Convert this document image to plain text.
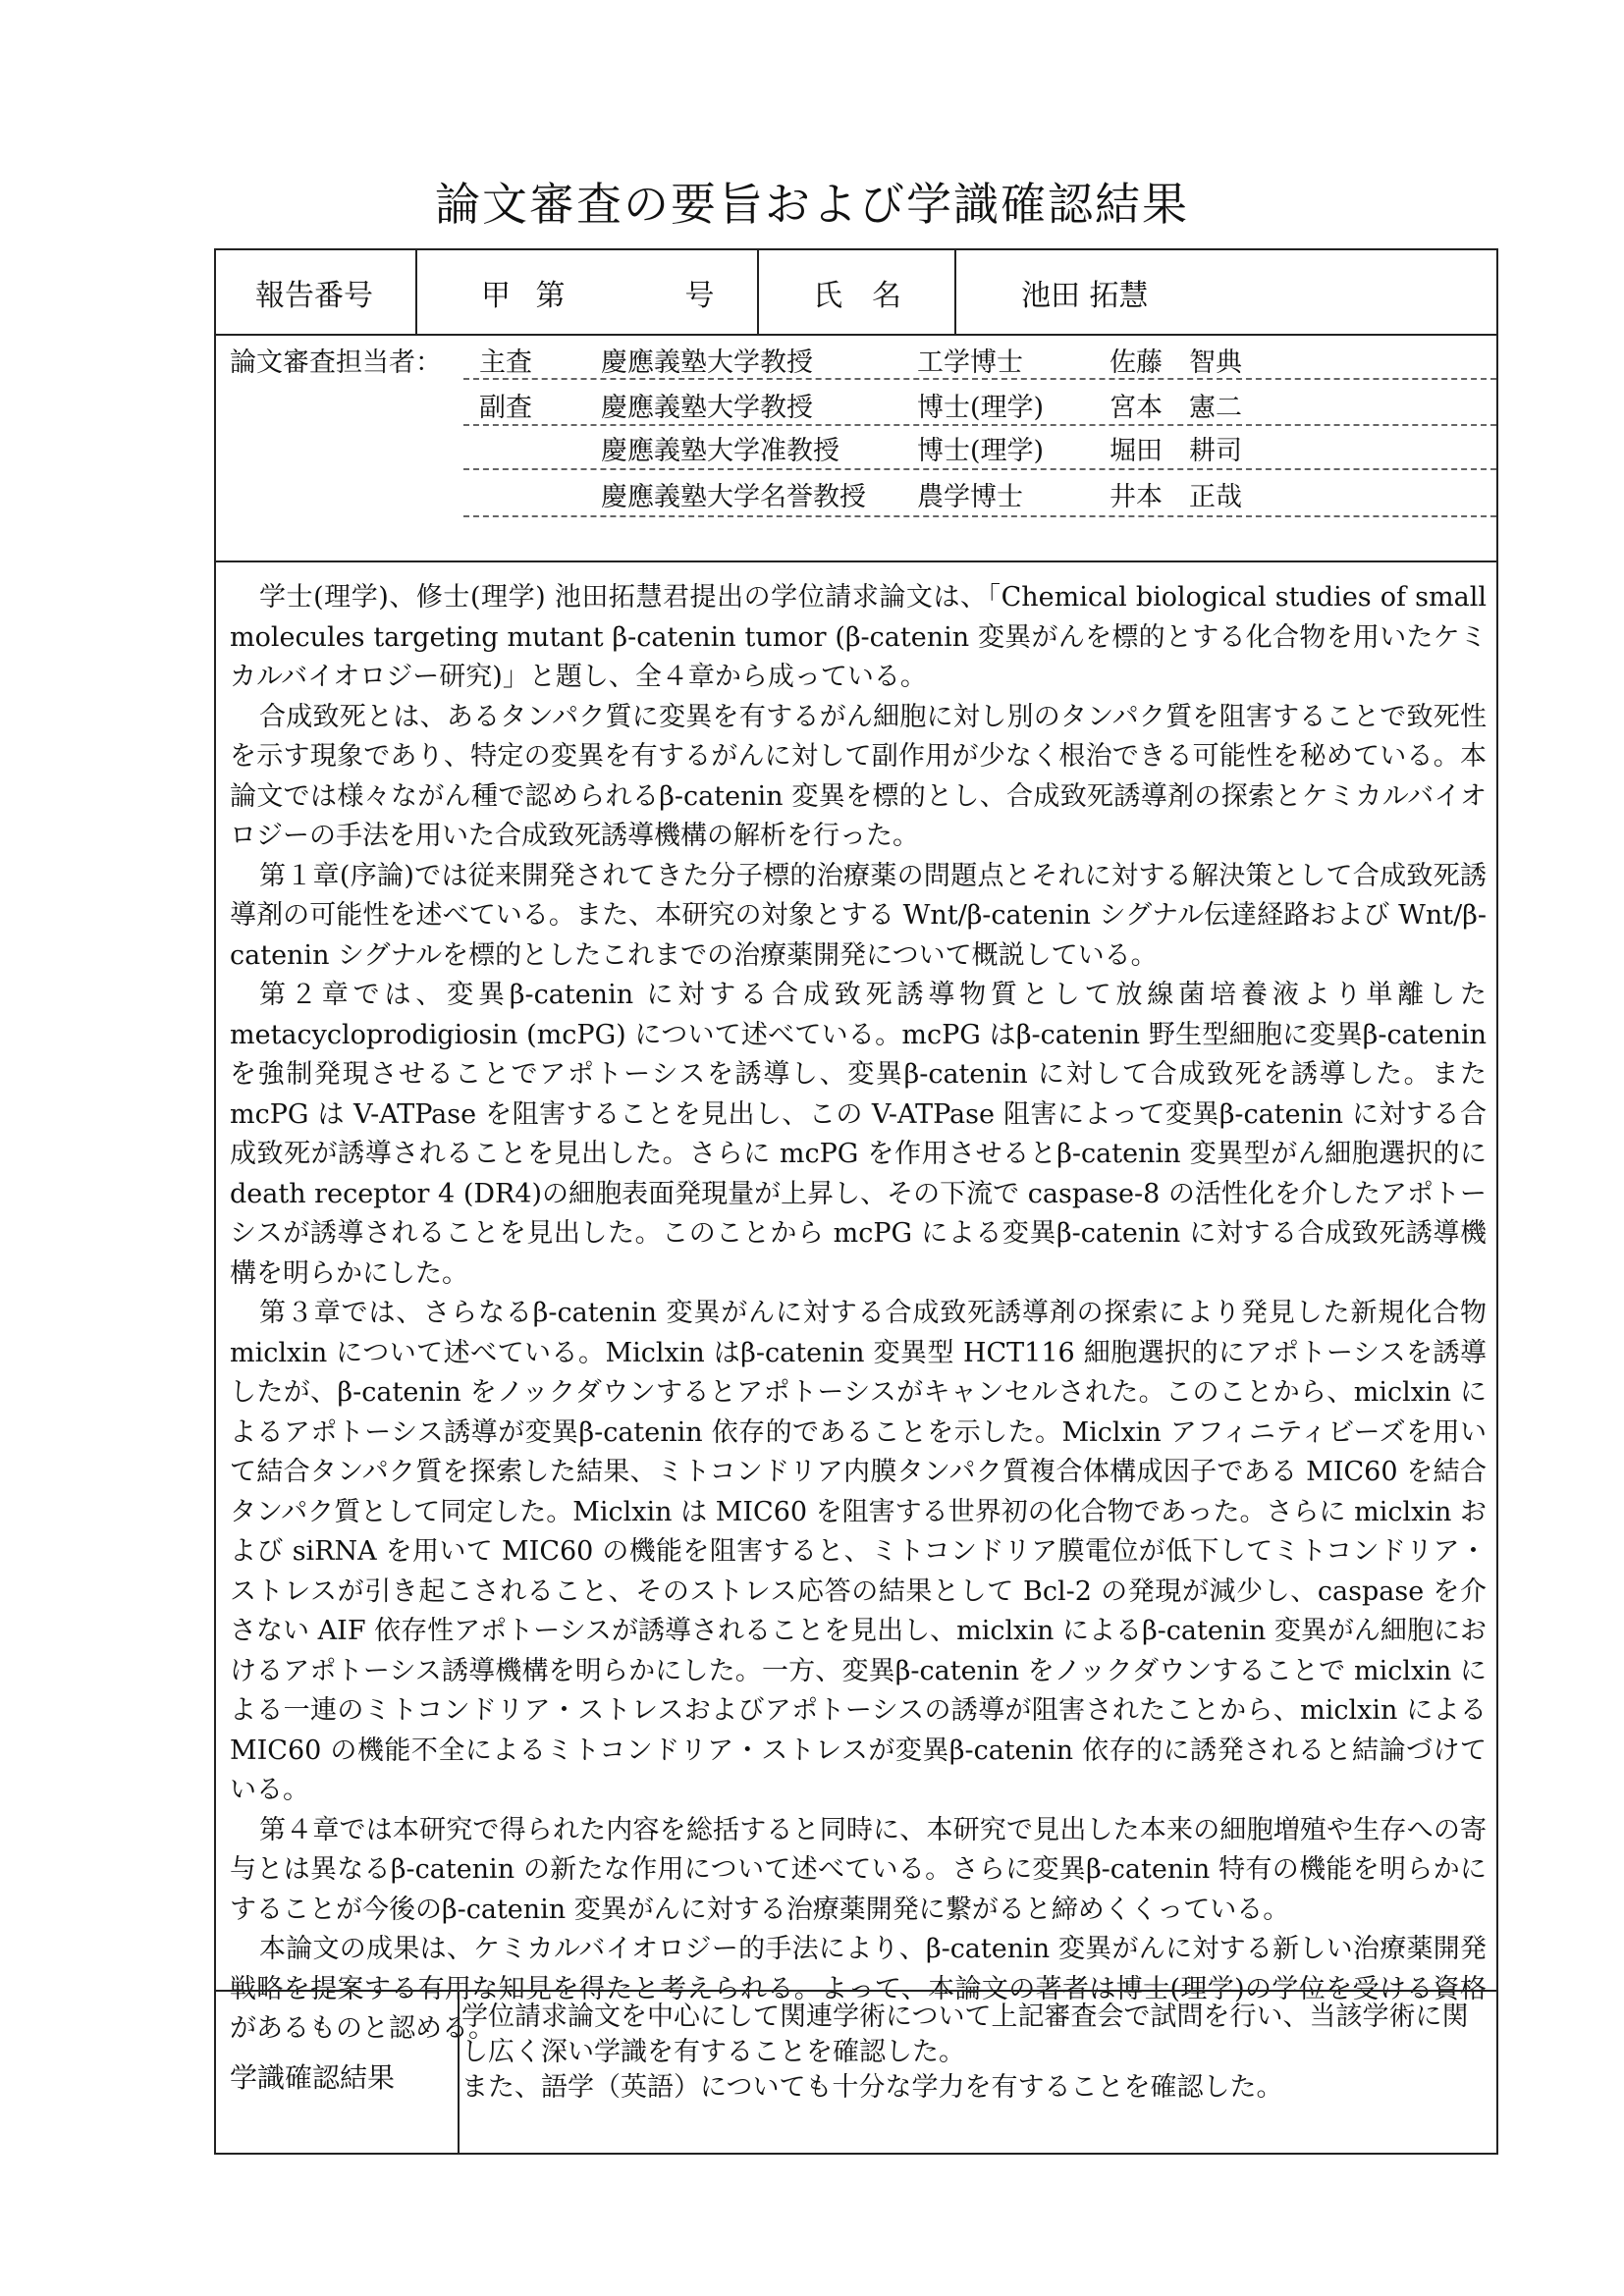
論文審査の要旨および学識確認結果
報告番号	甲 第　　　号	氏　名	池田 拓慧
論文審査担当者： 主査	慶應義塾大学教授	工学博士	佐藤　智典
副査	慶應義塾大学教授	博士(理学) 宮本　憲二
慶應義塾大学准教授	博士(理学) 堀田　耕司
慶應義塾大学名誉教授 農学博士	井本　正哉

学士(理学)、修士(理学) 池田拓慧君提出の学位請求論文は、「Chemical biological studies of small molecules targeting mutant β-catenin tumor (β-catenin 変異がんを標的とする化合物を用いたケミカルバイオロジー研究)」と題し、全４章から成っている。

合成致死とは、あるタンパク質に変異を有するがん細胞に対し別のタンパク質を阻害することで致死性を示す現象であり、特定の変異を有するがんに対して副作用が少なく根治できる可能性を秘めている。本論文では様々ながん種で認められるβ-catenin 変異を標的とし、合成致死誘導剤の探索とケミカルバイオロジーの手法を用いた合成致死誘導機構の解析を行った。

第１章(序論)では従来開発されてきた分子標的治療薬の問題点とそれに対する解決策として合成致死誘導剤の可能性を述べている。また、本研究の対象とする Wnt/β-catenin シグナル伝達経路および Wnt/β-catenin シグナルを標的としたこれまでの治療薬開発について概説している。

第２章では、変異β-catenin に対する合成致死誘導物質として放線菌培養液より単離した metacycloprodigiosin (mcPG) について述べている。mcPG はβ-catenin 野生型細胞に変異β-catenin を強制発現させることでアポトーシスを誘導し、変異β-catenin に対して合成致死を誘導した。また mcPG は V-ATPase を阻害することを見出し、この V-ATPase 阻害によって変異β-catenin に対する合成致死が誘導されることを見出した。さらに mcPG を作用させるとβ-catenin 変異型がん細胞選択的に death receptor 4 (DR4)の細胞表面発現量が上昇し、その下流で caspase-8 の活性化を介したアポトーシスが誘導されることを見出した。このことから mcPG による変異β-catenin に対する合成致死誘導機構を明らかにした。

第３章では、さらなるβ-catenin 変異がんに対する合成致死誘導剤の探索により発見した新規化合物 miclxin について述べている。Miclxin はβ-catenin 変異型 HCT116 細胞選択的にアポトーシスを誘導したが、β-catenin をノックダウンするとアポトーシスがキャンセルされた。このことから、miclxin によるアポトーシス誘導が変異β-catenin 依存的であることを示した。Miclxin アフィニティビーズを用いて結合タンパク質を探索した結果、ミトコンドリア内膜タンパク質複合体構成因子である MIC60 を結合タンパク質として同定した。Miclxin は MIC60 を阻害する世界初の化合物であった。さらに miclxin および siRNA を用いて MIC60 の機能を阻害すると、ミトコンドリア膜電位が低下してミトコンドリア・ストレスが引き起こされること、そのストレス応答の結果として Bcl-2 の発現が減少し、caspase を介さない AIF 依存性アポトーシスが誘導されることを見出し、miclxin によるβ-catenin 変異がん細胞におけるアポトーシス誘導機構を明らかにした。一方、変異β-catenin をノックダウンすることで miclxin による一連のミトコンドリア・ストレスおよびアポトーシスの誘導が阻害されたことから、miclxin による MIC60 の機能不全によるミトコンドリア・ストレスが変異β-catenin 依存的に誘発されると結論づけている。

第４章では本研究で得られた内容を総括すると同時に、本研究で見出した本来の細胞増殖や生存への寄与とは異なるβ-catenin の新たな作用について述べている。さらに変異β-catenin 特有の機能を明らかにすることが今後のβ-catenin 変異がんに対する治療薬開発に繋がると締めくくっている。

本論文の成果は、ケミカルバイオロジー的手法により、β-catenin 変異がんに対する新しい治療薬開発戦略を提案する有用な知見を得たと考えられる。よって、本論文の著者は博士(理学)の学位を受ける資格があるものと認める。

学識確認結果

学位請求論文を中心にして関連学術について上記審査会で試問を行い、当該学術に関し広く深い学識を有することを確認した。

また、語学（英語）についても十分な学力を有することを確認した。
